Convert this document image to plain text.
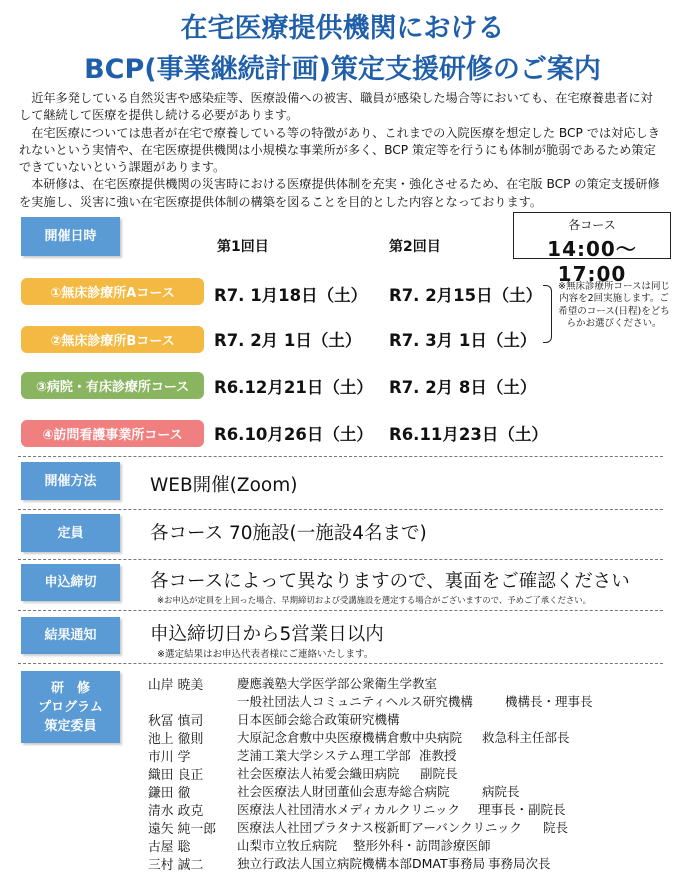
在宅医療提供機関における
BCP(事業継続計画)策定支援研修のご案内

近年多発している自然災害や感染症等、医療設備への被害、職員が感染した場合等においても、在宅療養患者に対して継続して医療を提供し続ける必要があります。

在宅医療については患者が在宅で療養している等の特徴があり、これまでの入院医療を想定した BCP では対応しきれないという実情や、在宅医療提供機関は小規模な事業所が多く、BCP 策定等を行うにも体制が脆弱であるため策定できていないという課題があります。

本研修は、在宅医療提供機関の災害時における医療提供体制を充実・強化させるため、在宅版 BCP の策定支援研修を実施し、災害に強い在宅医療提供体制の構築を図ることを目的とした内容となっております。

開催日時
第1回目	第2回目
各コース
14:00～17:00
①無床診療所Aコース R7. 1月18日（土） R7. 2月15日（土）
②無床診療所Bコース R7. 2月 1日（土） R7. 3月 1日（土）
※無床診療所コースは同じ内容を2回実施します。ご希望のコース(日程)をどちらかお選びください。
③病院・有床診療所コース R6.12月21日（土） R7. 2月 8日（土）
④訪問看護事業所コース R6.10月26日（土） R6.11月23日（土）
開催方法	WEB開催(Zoom)
定員	各コース 70施設(一施設4名まで)
申込締切	各コースによって異なりますので、裏面をご確認ください
※お申込が定員を上回った場合、早期締切および受講施設を選定する場合がございますので、予めご了承ください。
結果通知	申込締切日から5営業日以内
※選定結果はお申込代表者様にご連絡いたします。
研　修
プログラム
策定委員
山岸 暁美	慶應義塾大学医学部公衆衛生学教室
一般社団法人コミュニティヘルス研究機構	機構長・理事長
秋冨 慎司	日本医師会総合政策研究機構
池上 徹則	大原記念倉敷中央医療機構倉敷中央病院 救急科主任部長
市川 学	芝浦工業大学システム理工学部 准教授
織田 良正	社会医療法人祐愛会織田病院 副院長
鎌田 徹	社会医療法人財団董仙会恵寿総合病院	病院長
清水 政克	医療法人社団清水メディカルクリニック 理事長・副院長
遠矢 純一郎 医療法人社団プラタナス桜新町アーバンクリニック 院長
古屋 聡	山梨市立牧丘病院 整形外科・訪問診療医師
三村 誠二	独立行政法人国立病院機構本部DMAT事務局 事務局次長
